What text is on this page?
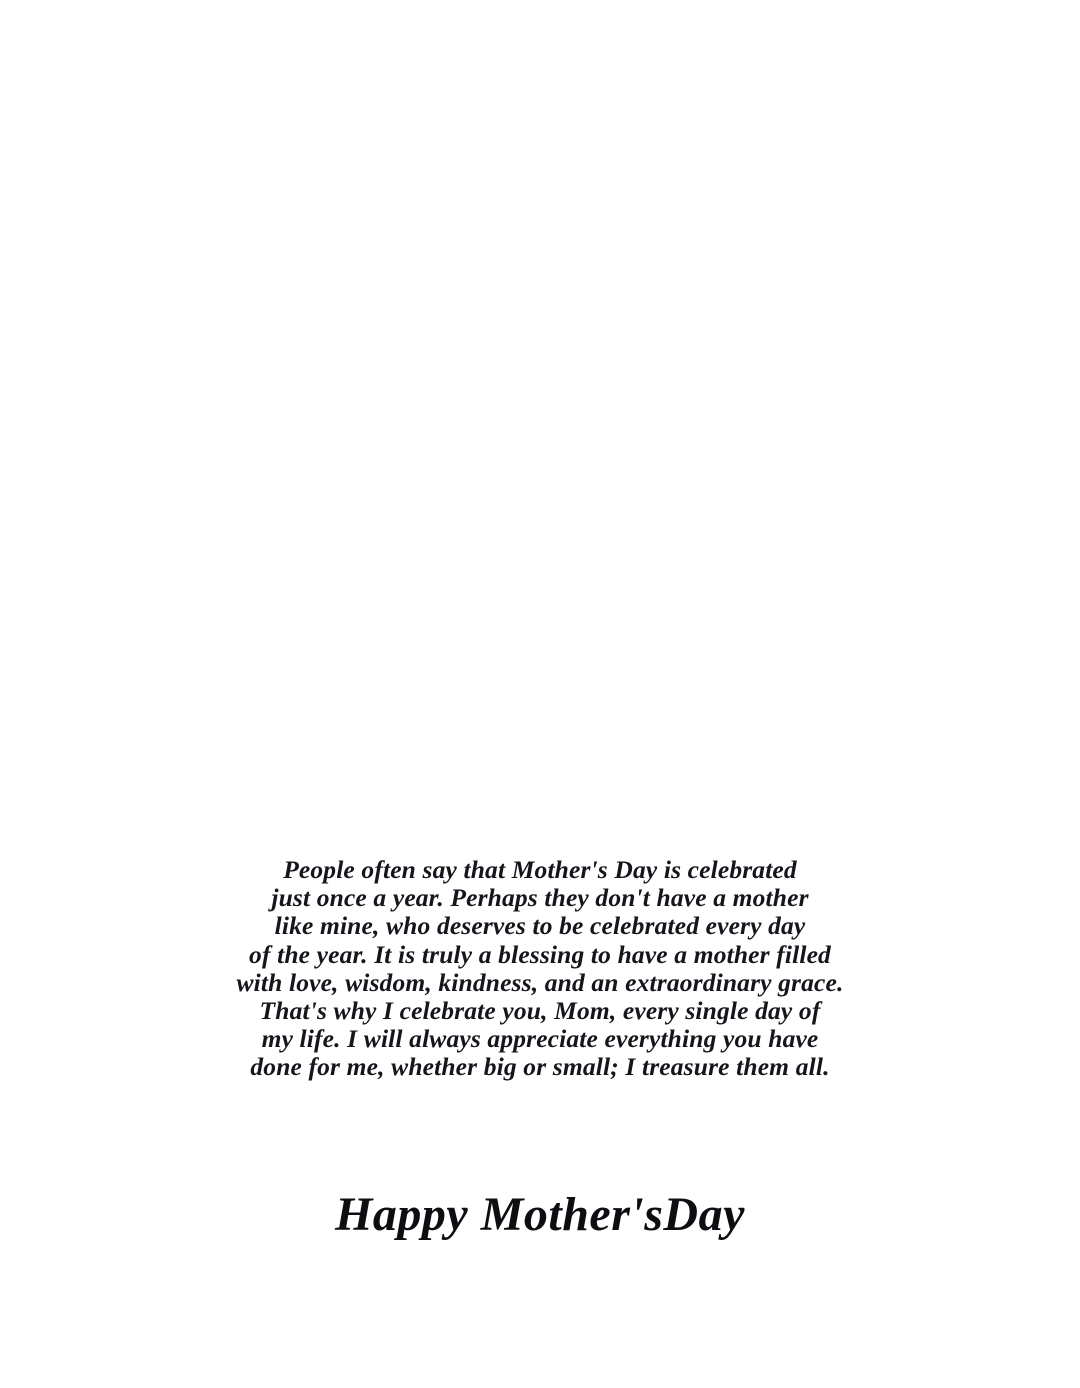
People often say that Mother's Day is celebrated
just once a year. Perhaps they don't have a mother
like mine, who deserves to be celebrated every day
of the year. It is truly a blessing to have a mother filled
with love, wisdom, kindness, and an extraordinary grace.
That's why I celebrate you, Mom, every single day of
my life. I will always appreciate everything you have
done for me, whether big or small; I treasure them all.
Happy Mother'sDay
